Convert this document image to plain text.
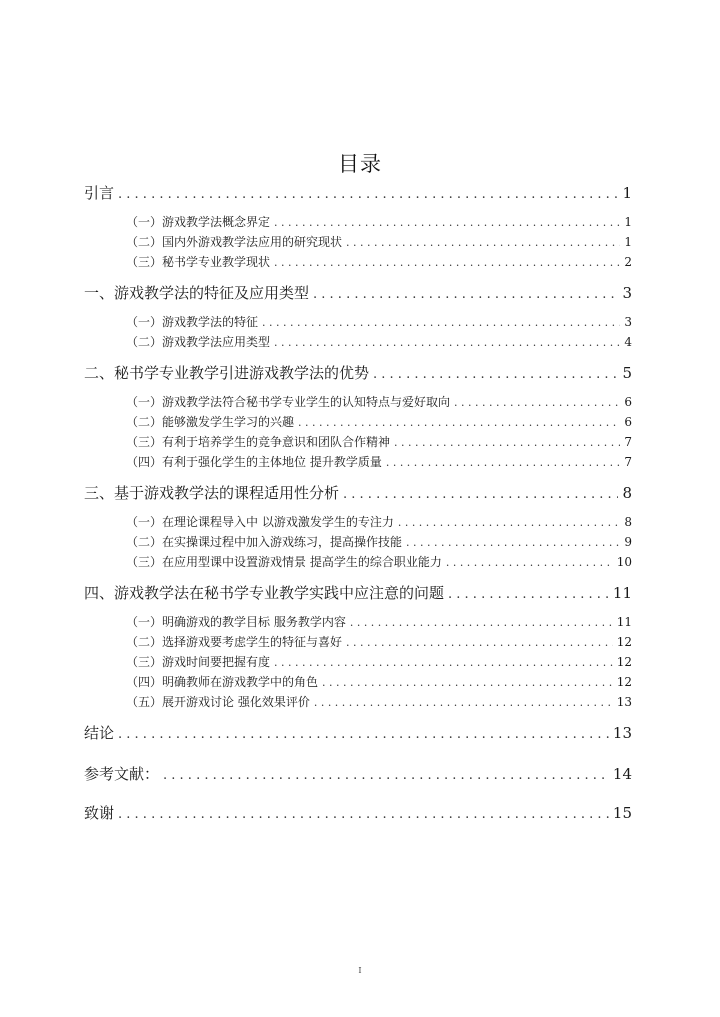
目录
引言 . . .	1
（一）游戏教学法概念界定 . . .	1
（二）国内外游戏教学法应用的研究现状 . . .	1
（三）秘书学专业教学现状 . . .	2
一、游戏教学法的特征及应用类型 . . .	3
（一）游戏教学法的特征 . . .	3
（二）游戏教学法应用类型 . . .	4
二、秘书学专业教学引进游戏教学法的优势 . . .	5
（一）游戏教学法符合秘书学专业学生的认知特点与爱好取向 . . .	6
（二）能够激发学生学习的兴趣 . . .	6
（三）有利于培养学生的竞争意识和团队合作精神 . . .	7
（四）有利于强化学生的主体地位 提升教学质量 . . .	7
三、基于游戏教学法的课程适用性分析 . . .	8
（一）在理论课程导入中 以游戏激发学生的专注力 . . .	8
（二）在实操课过程中加入游戏练习，提高操作技能 . . .	9
（三）在应用型课中设置游戏情景 提高学生的综合职业能力 . . .	10
四、游戏教学法在秘书学专业教学实践中应注意的问题 . . .	11
（一）明确游戏的教学目标 服务教学内容 . . .	11
（二）选择游戏要考虑学生的特征与喜好 . . .	12
（三）游戏时间要把握有度 . . .	12
（四）明确教师在游戏教学中的角色 . . .	12
（五）展开游戏讨论 强化效果评价 . . .	13
结论 . . .	13
参考文献： . . .	14
致谢 . . .	15
I
